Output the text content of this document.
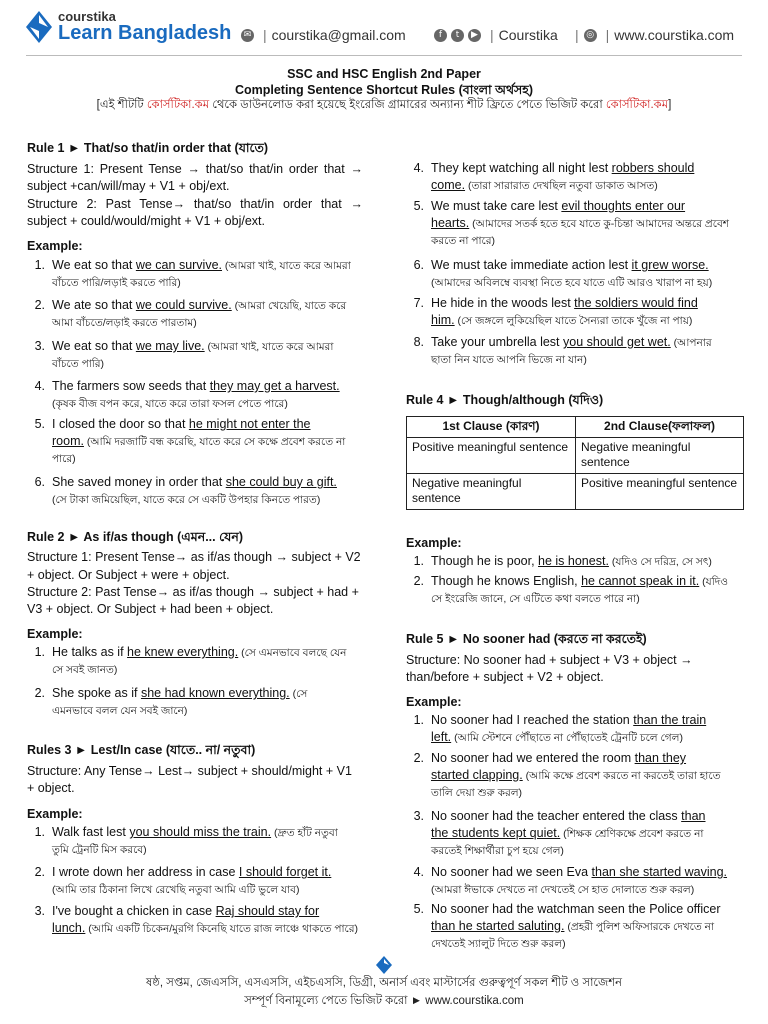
courstika
Learn Bangladesh	✉ | courstika@gmail.com	f	t	▶ | Courstika | ◎ | www.courstika.com
SSC and HSC English 2nd Paper
Completing Sentence Shortcut Rules (বাংলা অর্থসহ)
[এই শীটটি কোর্সটিকা.কম থেকে ডাউনলোড করা হয়েছে ইংরেজি গ্রামারের অন্যান্য শীট ফ্রিতে পেতে ভিজিট করো কোর্সটিকা.কম]
Rule 1 ► That/so that/in order that (যাতে)
Structure 1: Present Tense → that/so that/in order that → subject +can/will/may + V1 + obj/ext.
Structure 2: Past Tense→ that/so that/in order that → subject + could/would/might + V1 + obj/ext.
Example:
1. We eat so that we can survive. (আমরা খাই, যাতে করে আমরা
বাঁচতে পারি/লড়াই করতে পারি)
2. We ate so that we could survive. (আমরা খেয়েছি, যাতে করে
আমা বাঁচতে/লড়াই করতে পারতাম)
3. We eat so that we may live. (আমরা খাই, যাতে করে আমরা
বাঁচতে পারি)
4. The farmers sow seeds that they may get a harvest.
(কৃষক বীজ বপন করে, যাতে করে তারা ফসল পেতে পারে)
5. I closed the door so that he might not enter the
room. (আমি দরজাটি বন্ধ করেছি, যাতে করে সে কক্ষে প্রবেশ করতে না
পারে)
6. She saved money in order that she could buy a gift.
(সে টাকা জমিয়েছিল, যাতে করে সে একটি উপহার কিনতে পারত)
Rule 2 ► As if/as though (এমন... যেন)
Structure 1: Present Tense→ as if/as though → subject + V2
+ object. Or Subject + were + object.
Structure 2: Past Tense→ as if/as though → subject + had +
V3 + object. Or Subject + had been + object.
Example:
1. He talks as if he knew everything. (সে এমনভাবে বলছে যেন
সে সবই জানত)
2. She spoke as if she had known everything. (সে
এমনভাবে বলল যেন সবই জানে)
Rules 3 ► Lest/In case (যাতে.. না/ নতুবা)
Structure: Any Tense→ Lest→ subject + should/might + V1
+ object.
Example:
1. Walk fast lest you should miss the train. (দ্রুত হাঁট নতুবা
তুমি ট্রেনটি মিস করবে)
2. I wrote down her address in case I should forget it.
(আমি তার ঠিকানা লিখে রেখেছি নতুবা আমি এটি ভুলে যাব)
3. I've bought a chicken in case Raj should stay for
lunch. (আমি একটি চিকেন/মুরগি কিনেছি যাতে রাজ লাঞ্চে থাকতে পারে)
4. They kept watching all night lest robbers should
come. (তারা সারারাত দেখছিল নতুবা ডাকাত আসত)
5. We must take care lest evil thoughts enter our
hearts. (আমাদের সতর্ক হতে হবে যাতে কু-চিন্তা আমাদের অন্তরে প্রবেশ
করতে না পারে)
6. We must take immediate action lest it grew worse.
(আমাদের অবিলম্বে ব্যবস্থা নিতে হবে যাতে এটি আরও খারাপ না হয়)
7. He hide in the woods lest the soldiers would find
him. (সে জঙ্গলে লুকিয়েছিল যাতে সৈন্যরা তাকে খুঁজে না পায়)
8. Take your umbrella lest you should get wet. (আপনার
ছাতা নিন যাতে আপনি ভিজে না যান)
Rule 4 ► Though/although (যদিও)
1st Clause (কারণ)	2nd Clause(ফলাফল)
Positive meaningful sentence	Negative meaningful sentence
Negative meaningful sentence	Positive meaningful sentence
Example:
1. Though he is poor, he is honest. (যদিও সে দরিদ্র, সে সৎ)
2. Though he knows English, he cannot speak in it. (যদিও
সে ইংরেজি জানে, সে এটিতে কথা বলতে পারে না)
Rule 5 ► No sooner had (করতে না করতেই)
Structure: No sooner had + subject + V3 + object →
than/before + subject + V2 + object.
Example:
1. No sooner had I reached the station than the train
left. (আমি স্টেশনে পৌঁছাতে না পৌঁছাতেই ট্রেনটি চলে গেল)
2. No sooner had we entered the room than they
started clapping. (আমি কক্ষে প্রবেশ করতে না করতেই তারা হাতে
তালি দেয়া শুরু করল)
3. No sooner had the teacher entered the class than
the students kept quiet. (শিক্ষক শ্রেণিকক্ষে প্রবেশ করতে না
করতেই শিক্ষার্থীরা চুপ হয়ে গেল)
4. No sooner had we seen Eva than she started waving.
(আমরা ঈভাকে দেখতে না দেখতেই সে হাত দোলাতে শুরু করল)
5. No sooner had the watchman seen the Police officer
than he started saluting. (প্রহরী পুলিশ অফিসারকে দেখতে না
দেখতেই স্যালুট দিতে শুরু করল)
ষষ্ঠ, সপ্তম, জেএসসি, এসএসসি, এইচএসসি, ডিগ্রী, অনার্স এবং মাস্টার্সের গুরুত্বপূর্ণ সকল শীট ও সাজেশন
সম্পূর্ণ বিনামূল্যে পেতে ভিজিট করো ► www.courstika.com
